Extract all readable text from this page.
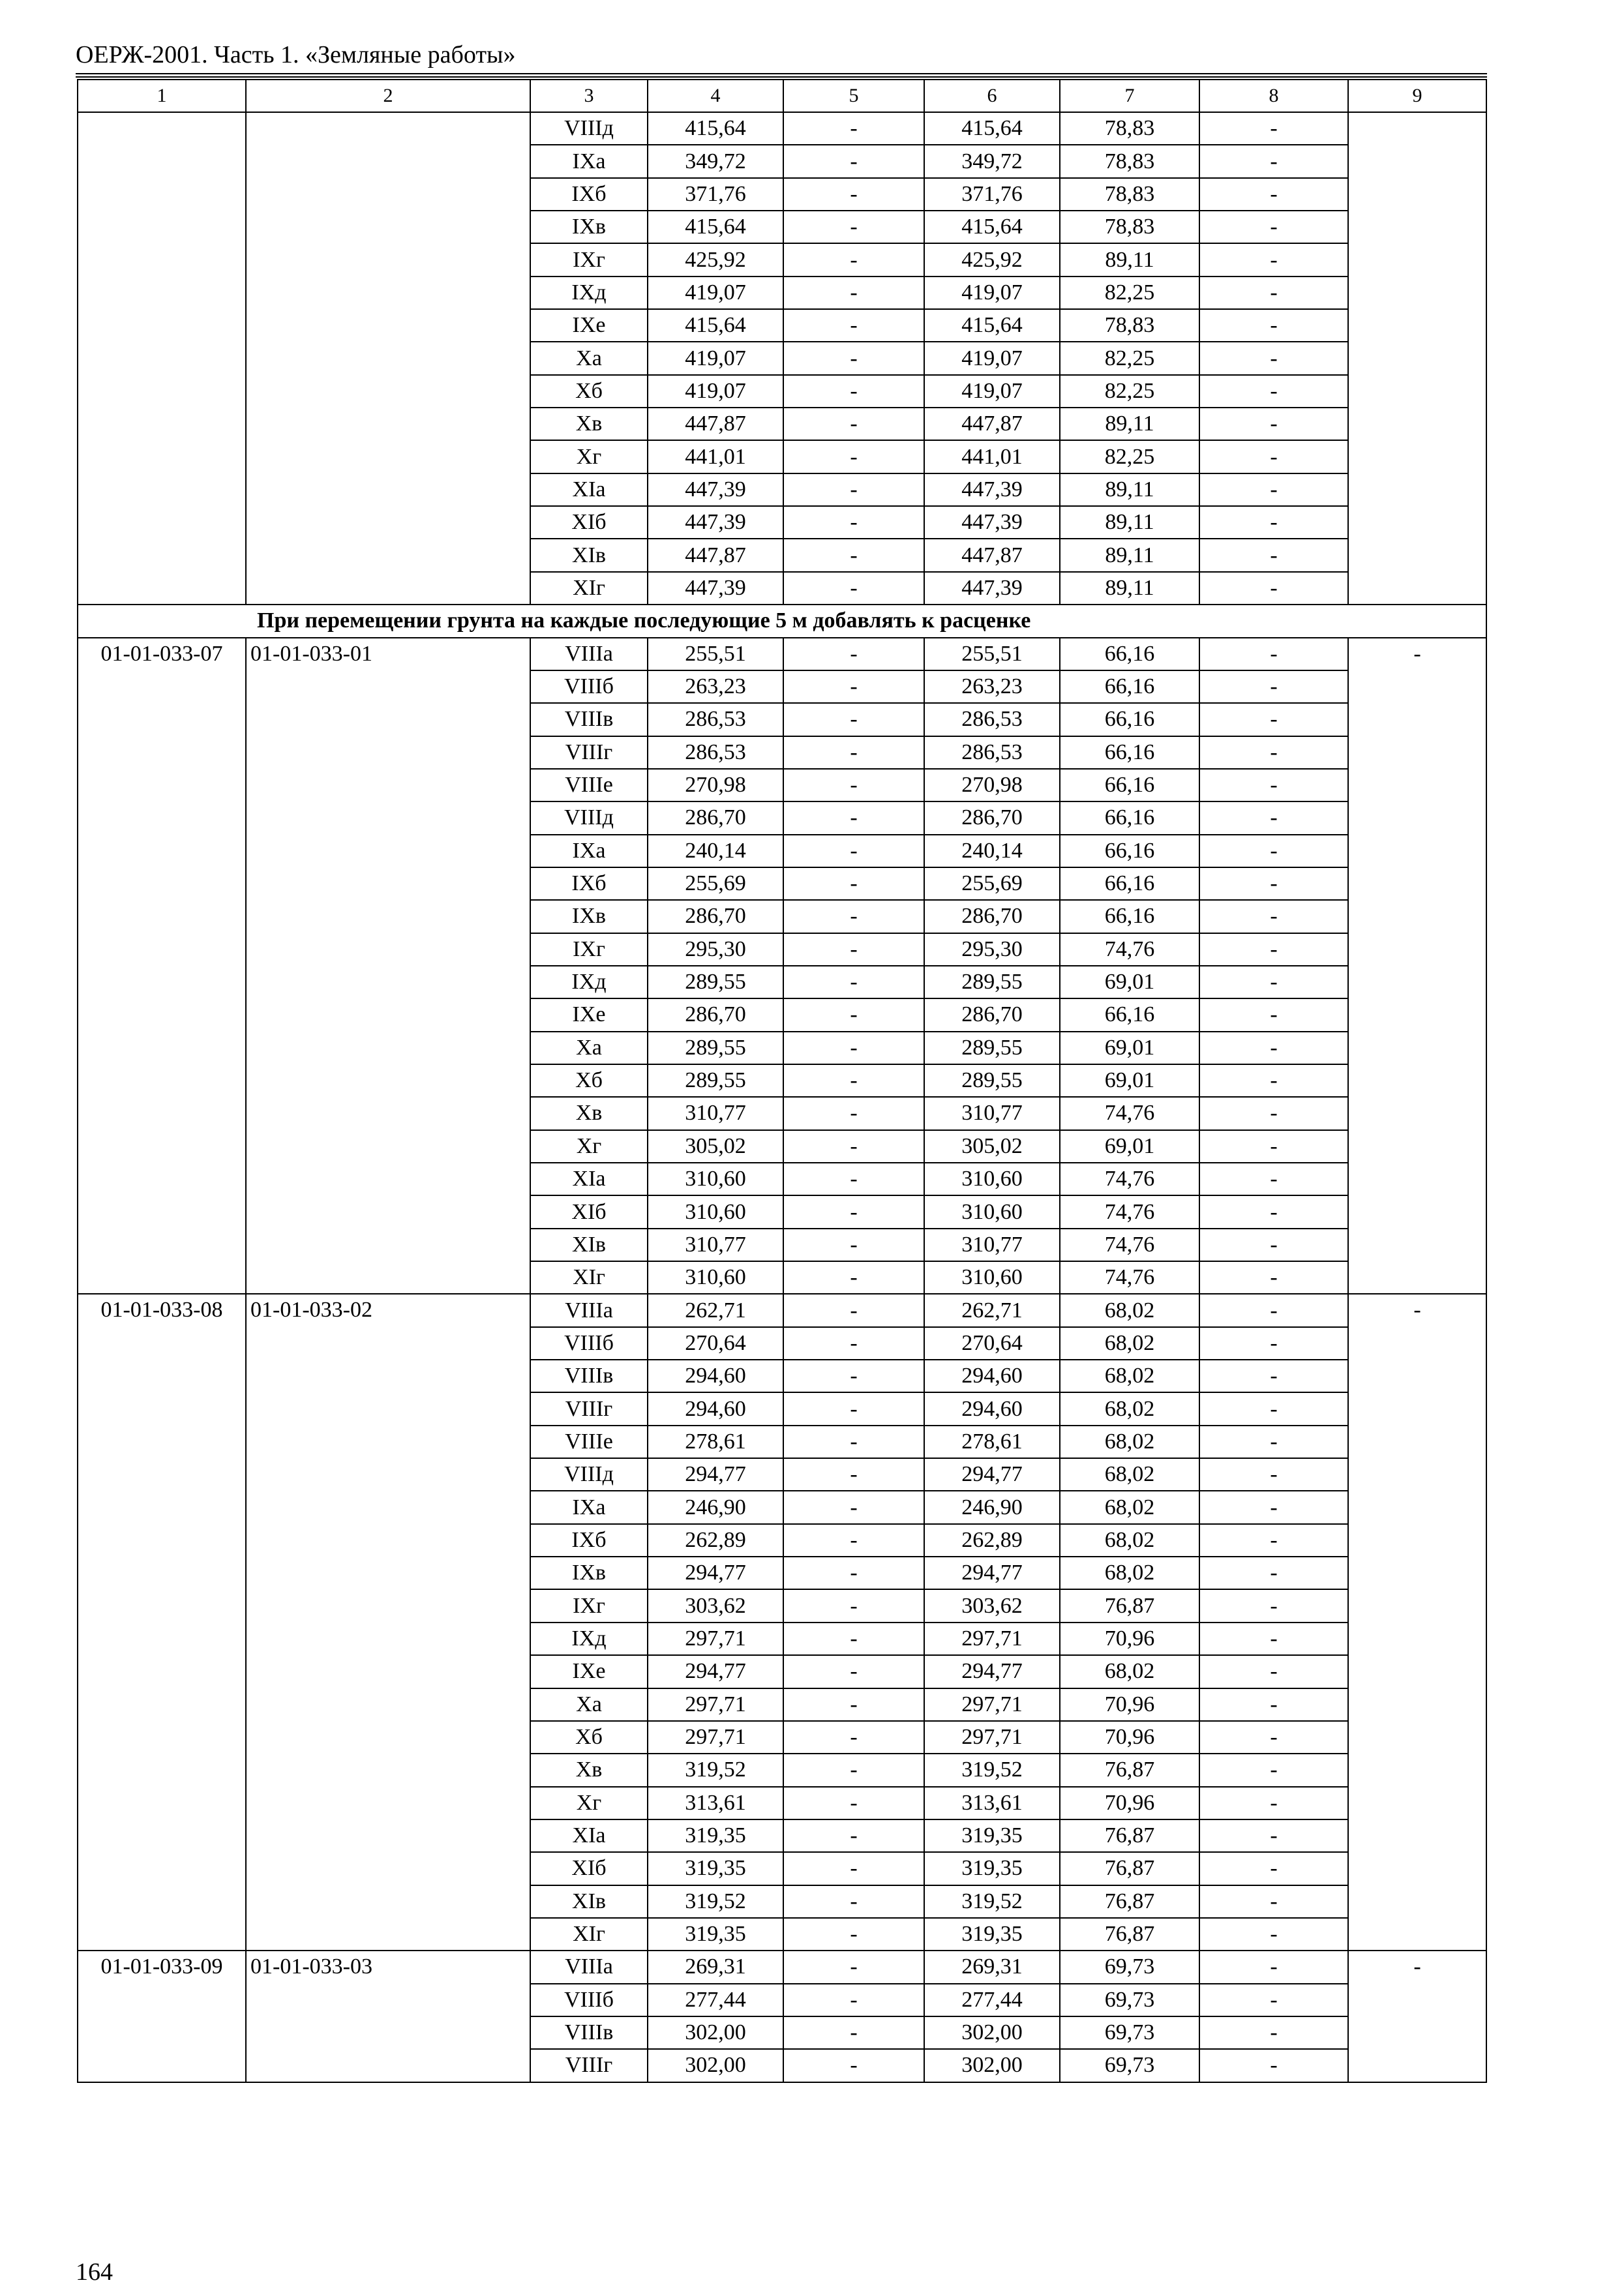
ОЕРЖ-2001. Часть 1. «Земляные работы»
1	2	3	4	5	6	7	8	9
		VIIIд	415,64	-	415,64	78,83	-	
		IXа	349,72	-	349,72	78,83	-	
		IXб	371,76	-	371,76	78,83	-	
		IXв	415,64	-	415,64	78,83	-	
		IXг	425,92	-	425,92	89,11	-	
		IXд	419,07	-	419,07	82,25	-	
		IXе	415,64	-	415,64	78,83	-	
		Xа	419,07	-	419,07	82,25	-	
		Xб	419,07	-	419,07	82,25	-	
		Xв	447,87	-	447,87	89,11	-	
		Xг	441,01	-	441,01	82,25	-	
		XIа	447,39	-	447,39	89,11	-	
		XIб	447,39	-	447,39	89,11	-	
		XIв	447,87	-	447,87	89,11	-	
		XIг	447,39	-	447,39	89,11	-	
При перемещении грунта на каждые последующие 5 м добавлять к расценке								
01-01-033-07	01-01-033-01	VIIIа	255,51	-	255,51	66,16	-	-
		VIIIб	263,23	-	263,23	66,16	-	
		VIIIв	286,53	-	286,53	66,16	-	
		VIIIг	286,53	-	286,53	66,16	-	
		VIIIе	270,98	-	270,98	66,16	-	
		VIIIд	286,70	-	286,70	66,16	-	
		IXа	240,14	-	240,14	66,16	-	
		IXб	255,69	-	255,69	66,16	-	
		IXв	286,70	-	286,70	66,16	-	
		IXг	295,30	-	295,30	74,76	-	
		IXд	289,55	-	289,55	69,01	-	
		IXе	286,70	-	286,70	66,16	-	
		Xа	289,55	-	289,55	69,01	-	
		Xб	289,55	-	289,55	69,01	-	
		Xв	310,77	-	310,77	74,76	-	
		Xг	305,02	-	305,02	69,01	-	
		XIа	310,60	-	310,60	74,76	-	
		XIб	310,60	-	310,60	74,76	-	
		XIв	310,77	-	310,77	74,76	-	
		XIг	310,60	-	310,60	74,76	-	
01-01-033-08	01-01-033-02	VIIIа	262,71	-	262,71	68,02	-	-
		VIIIб	270,64	-	270,64	68,02	-	
		VIIIв	294,60	-	294,60	68,02	-	
		VIIIг	294,60	-	294,60	68,02	-	
		VIIIе	278,61	-	278,61	68,02	-	
		VIIIд	294,77	-	294,77	68,02	-	
		IXа	246,90	-	246,90	68,02	-	
		IXб	262,89	-	262,89	68,02	-	
		IXв	294,77	-	294,77	68,02	-	
		IXг	303,62	-	303,62	76,87	-	
		IXд	297,71	-	297,71	70,96	-	
		IXе	294,77	-	294,77	68,02	-	
		Xа	297,71	-	297,71	70,96	-	
		Xб	297,71	-	297,71	70,96	-	
		Xв	319,52	-	319,52	76,87	-	
		Xг	313,61	-	313,61	70,96	-	
		XIа	319,35	-	319,35	76,87	-	
		XIб	319,35	-	319,35	76,87	-	
		XIв	319,52	-	319,52	76,87	-	
		XIг	319,35	-	319,35	76,87	-	
01-01-033-09	01-01-033-03	VIIIа	269,31	-	269,31	69,73	-	-
		VIIIб	277,44	-	277,44	69,73	-	
		VIIIв	302,00	-	302,00	69,73	-	
		VIIIг	302,00	-	302,00	69,73	-	
164
